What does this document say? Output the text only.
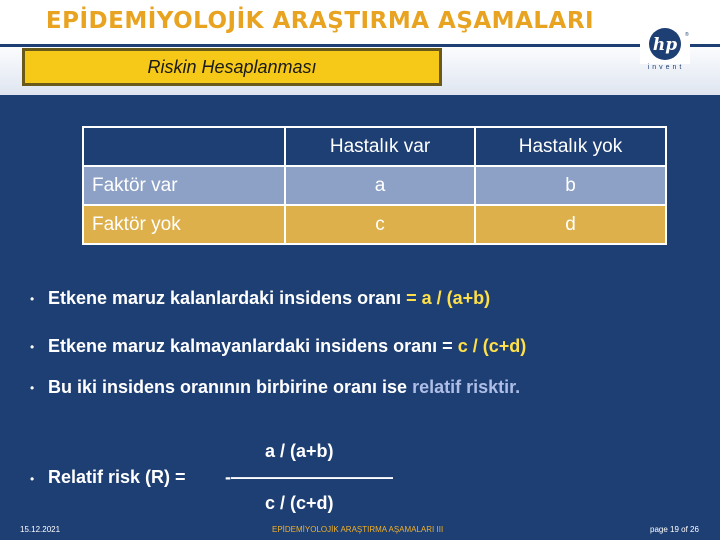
EPİDEMİYOLOJİK ARAŞTIRMA AŞAMALARI
Riskin Hesaplanması
hp ®
invent
	Hastalık var	Hastalık yok
Faktör var	a	b
Faktör yok	c	d
• Etkene maruz kalanlardaki insidens oranı = a / (a+b)
• Etkene maruz kalmayanlardaki insidens oranı = c / (c+d)
• Bu iki insidens oranının birbirine oranı ise relatif risktir.
a / (a+b)
• Relatif risk (R) = -—————————
c / (c+d)
15.12.2021	EPİDEMİYOLOJİK ARAŞTIRMA AŞAMALARI III	page 19 of 26
